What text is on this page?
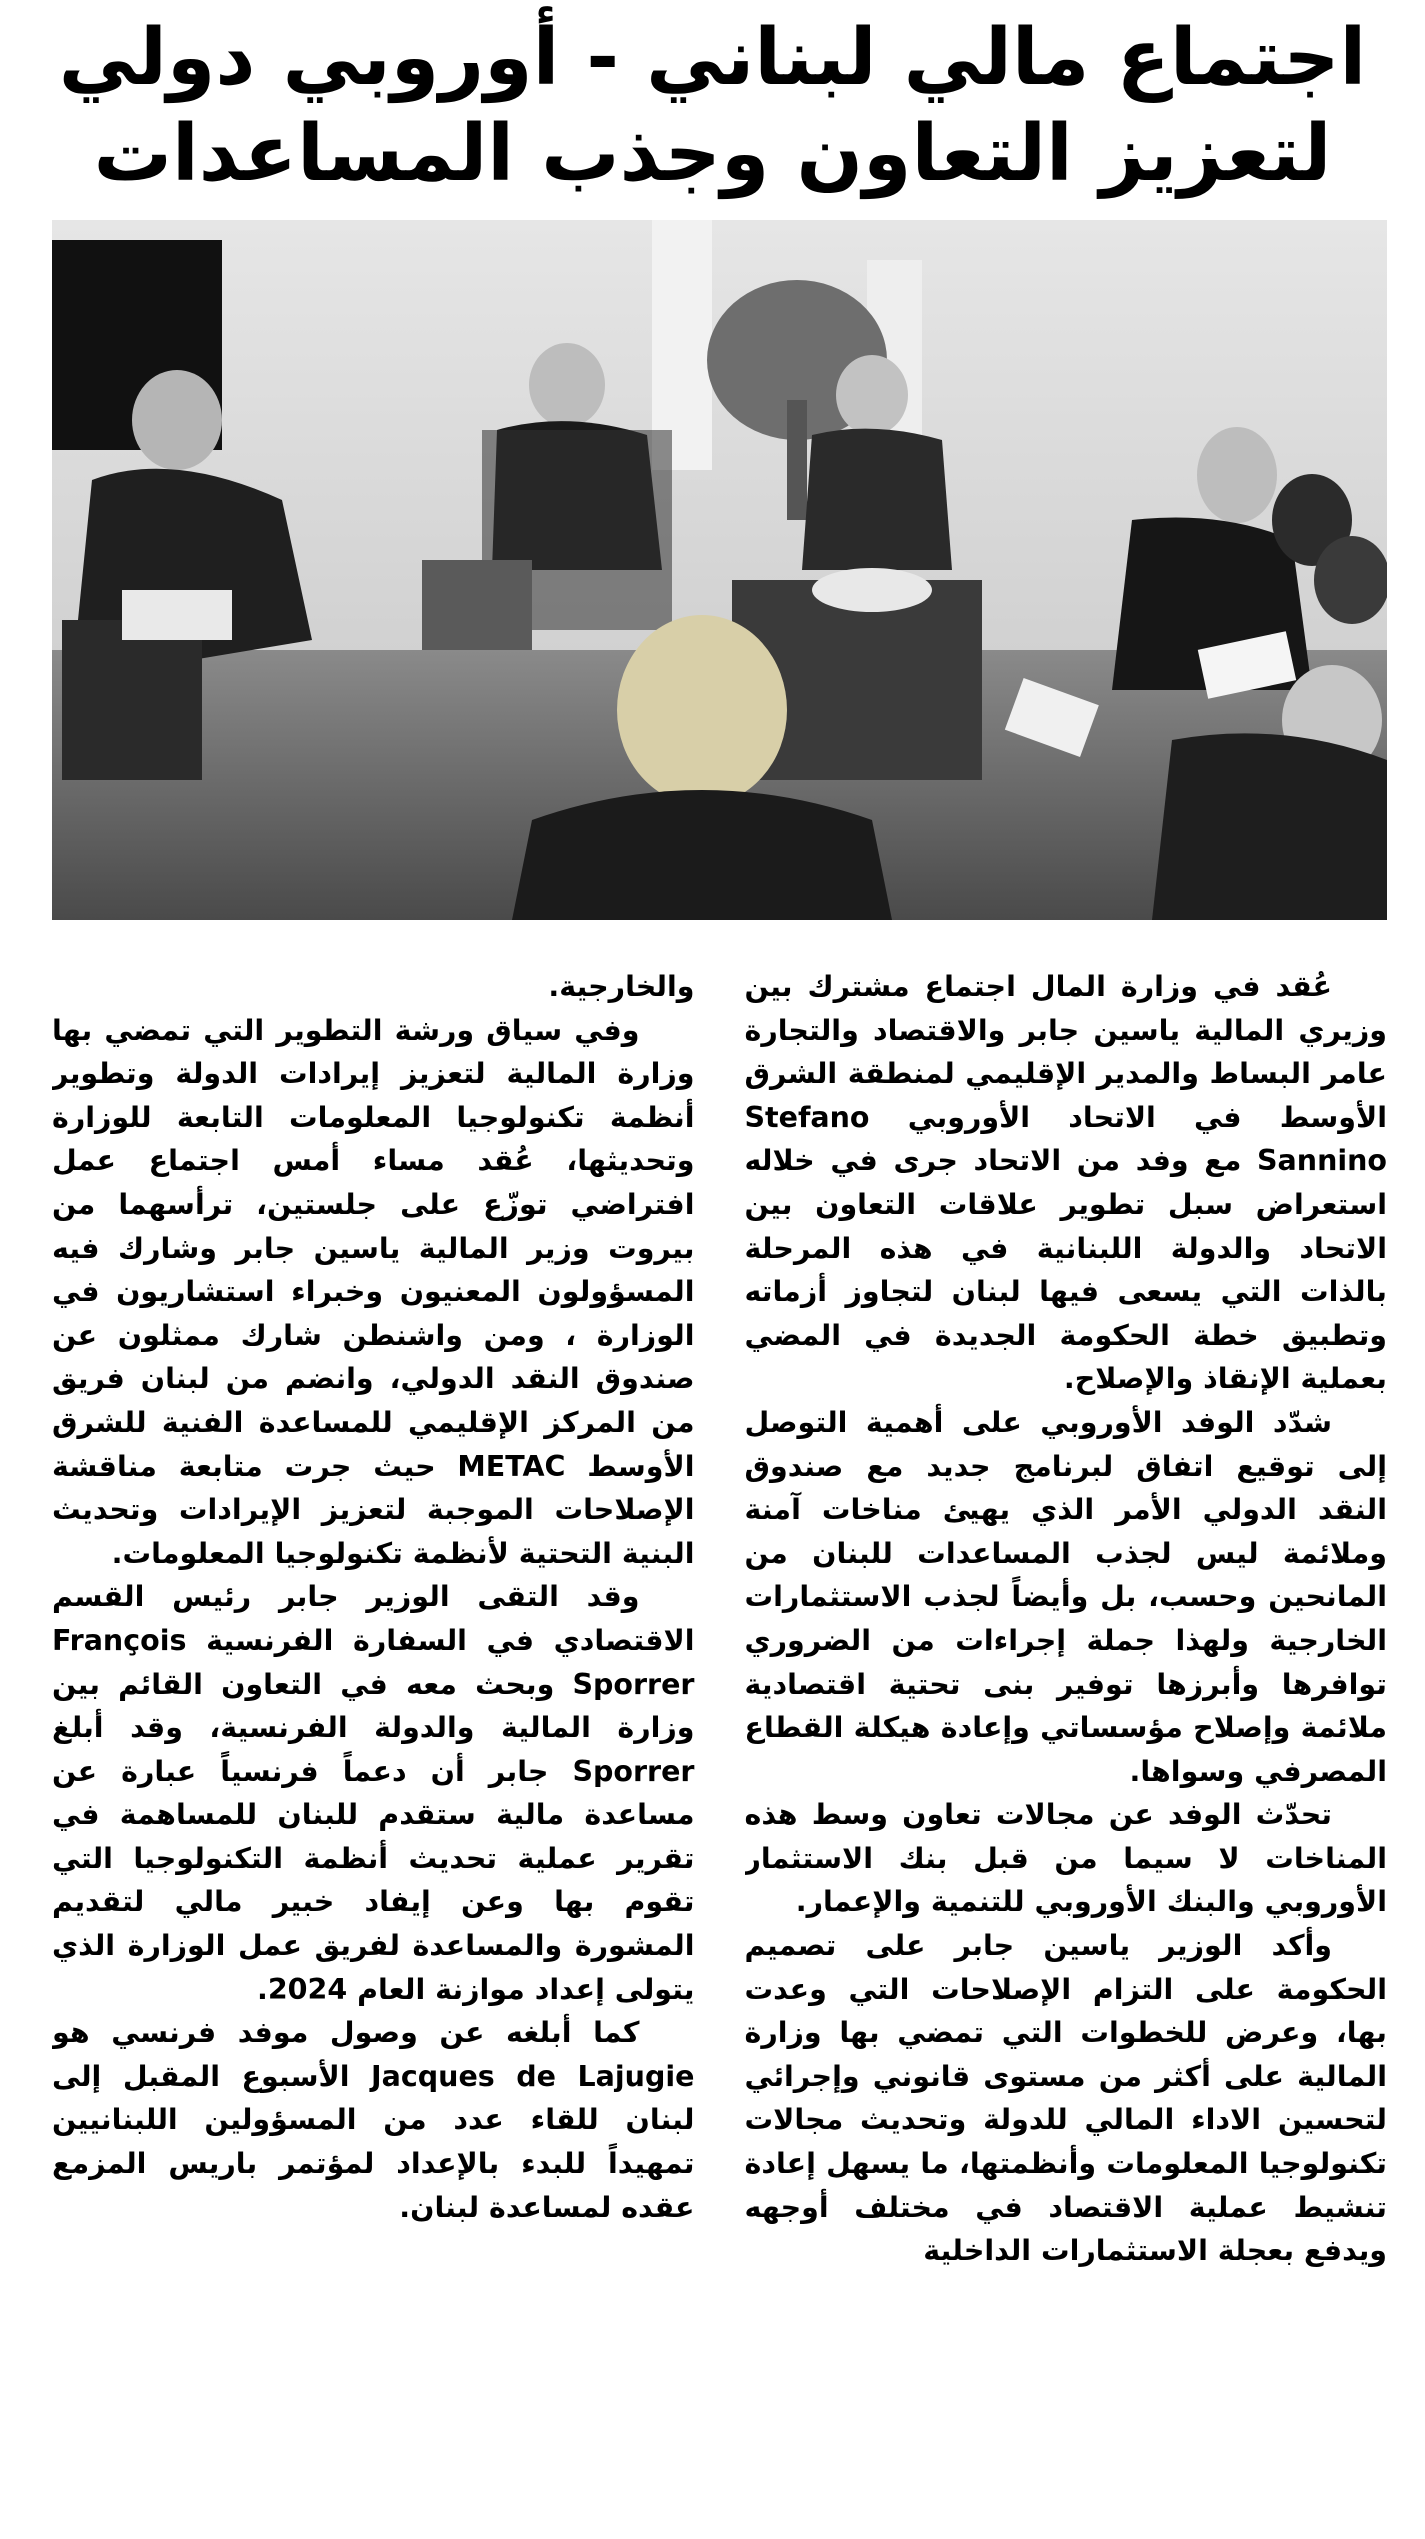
اجتماع مالي لبناني - أوروبي دولي
لتعزيز التعاون وجذب المساعدات

عُقد في وزارة المال اجتماع مشترك بين وزيري المالية ياسين جابر والاقتصاد والتجارة عامر البساط والمدير الإقليمي لمنطقة الشرق الأوسط في الاتحاد الأوروبي Stefano Sannino مع وفد من الاتحاد جرى في خلاله استعراض سبل تطوير علاقات التعاون بين الاتحاد والدولة اللبنانية في هذه المرحلة بالذات التي يسعى فيها لبنان لتجاوز أزماته وتطبيق خطة الحكومة الجديدة في المضي بعملية الإنقاذ والإصلاح.

شدّد الوفد الأوروبي على أهمية التوصل إلى توقيع اتفاق لبرنامج جديد مع صندوق النقد الدولي الأمر الذي يهيئ مناخات آمنة وملائمة ليس لجذب المساعدات للبنان من المانحين وحسب، بل وأيضاً لجذب الاستثمارات الخارجية ولهذا جملة إجراءات من الضروري توافرها وأبرزها توفير بنى تحتية اقتصادية ملائمة وإصلاح مؤسساتي وإعادة هيكلة القطاع المصرفي وسواها.

تحدّث الوفد عن مجالات تعاون وسط هذه المناخات لا سيما من قبل بنك الاستثمار الأوروبي والبنك الأوروبي للتنمية والإعمار.

وأكد الوزير ياسين جابر على تصميم الحكومة على التزام الإصلاحات التي وعدت بها، وعرض للخطوات التي تمضي بها وزارة المالية على أكثر من مستوى قانوني وإجرائي لتحسين الاداء المالي للدولة وتحديث مجالات تكنولوجيا المعلومات وأنظمتها، ما يسهل إعادة تنشيط عملية الاقتصاد في مختلف أوجهه ويدفع بعجلة الاستثمارات الداخلية

والخارجية.

وفي سياق ورشة التطوير التي تمضي بها وزارة المالية لتعزيز إيرادات الدولة وتطوير أنظمة تكنولوجيا المعلومات التابعة للوزارة وتحديثها، عُقد مساء أمس اجتماع عمل افتراضي توزّع على جلستين، ترأسهما من بيروت وزير المالية ياسين جابر وشارك فيه المسؤولون المعنيون وخبراء استشاريون في الوزارة ، ومن واشنطن شارك ممثلون عن صندوق النقد الدولي، وانضم من لبنان فريق من المركز الإقليمي للمساعدة الفنية للشرق الأوسط METAC حيث جرت متابعة مناقشة الإصلاحات الموجبة لتعزيز الإيرادات وتحديث البنية التحتية لأنظمة تكنولوجيا المعلومات.

وقد التقى الوزير جابر رئيس القسم الاقتصادي في السفارة الفرنسية François Sporrer وبحث معه في التعاون القائم بين وزارة المالية والدولة الفرنسية، وقد أبلغ Sporrer جابر أن دعماً فرنسياً عبارة عن مساعدة مالية ستقدم للبنان للمساهمة في تقرير عملية تحديث أنظمة التكنولوجيا التي تقوم بها وعن إيفاد خبير مالي لتقديم المشورة والمساعدة لفريق عمل الوزارة الذي يتولى إعداد موازنة العام 2024.

كما أبلغه عن وصول موفد فرنسي هو Jacques de Lajugie الأسبوع المقبل إلى لبنان للقاء عدد من المسؤولين اللبنانيين تمهيداً للبدء بالإعداد لمؤتمر باريس المزمع عقده لمساعدة لبنان.
